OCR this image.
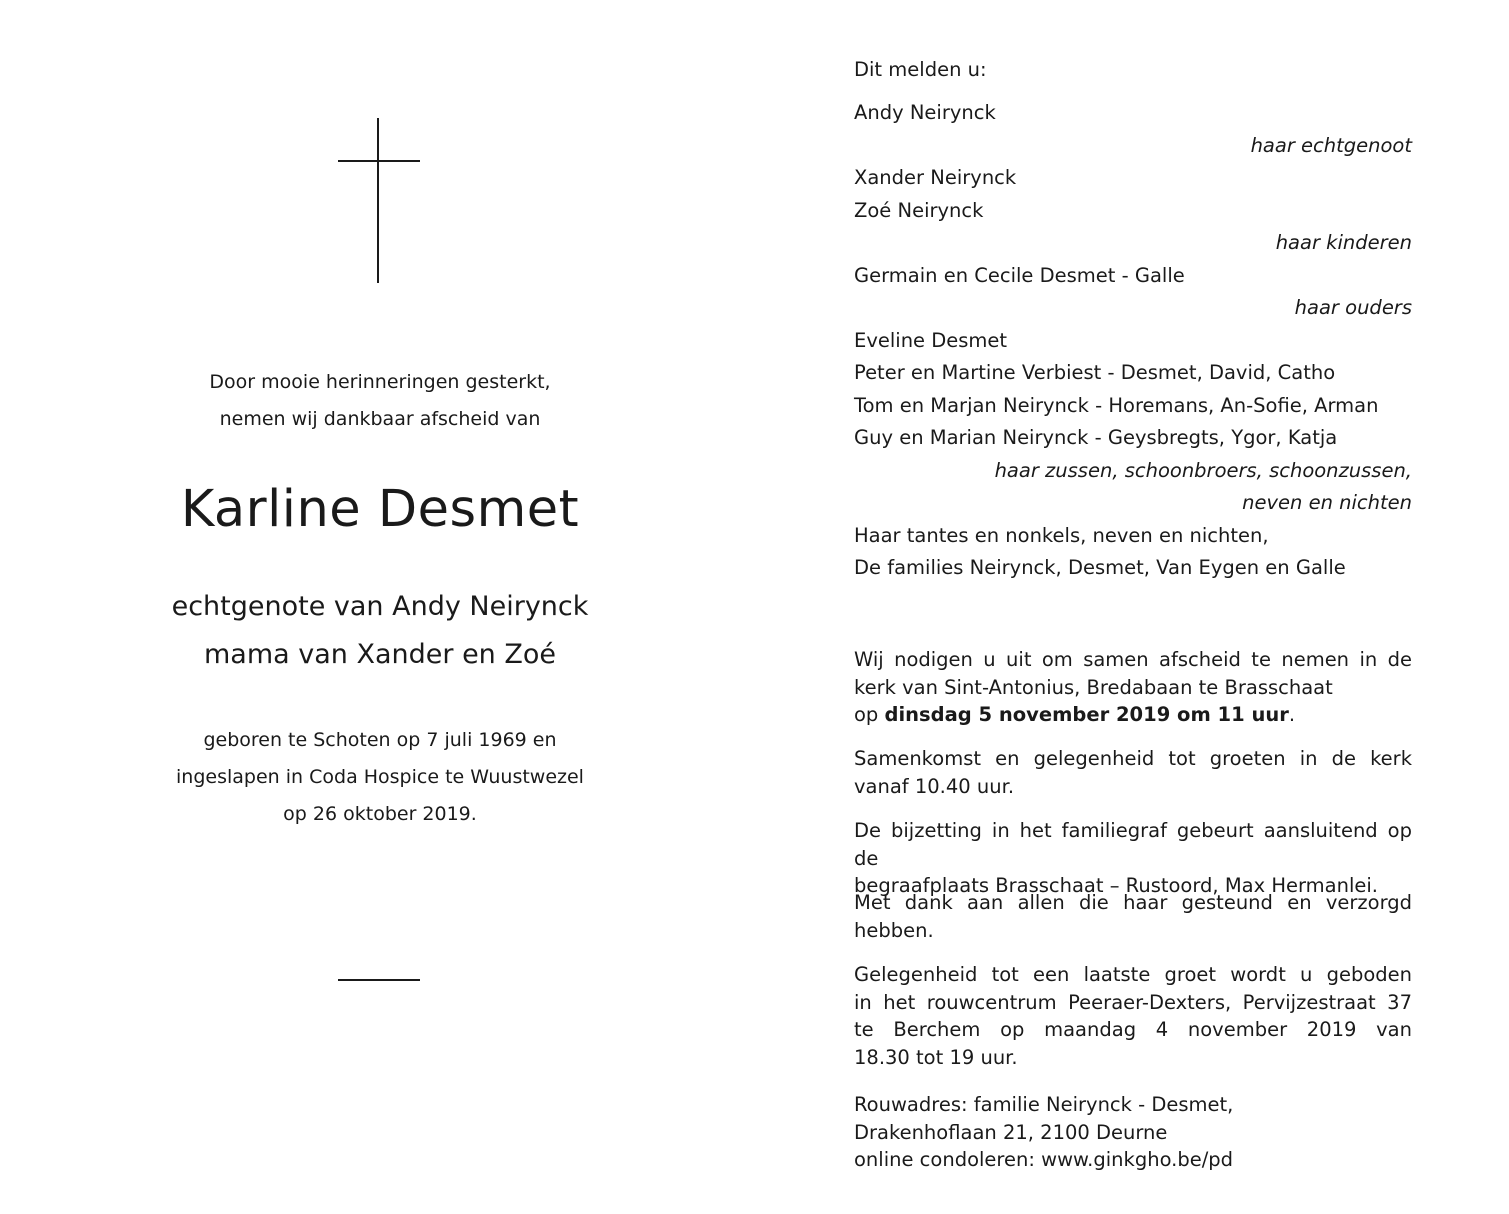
Door mooie herinneringen gesterkt,
nemen wij dankbaar afscheid van
Karline Desmet
echtgenote van Andy Neirynck
mama van Xander en Zoé
geboren te Schoten op 7 juli 1969 en
ingeslapen in Coda Hospice te Wuustwezel
op 26 oktober 2019.
Dit melden u:
Andy Neirynck
haar echtgenoot
Xander Neirynck
Zoé Neirynck
haar kinderen
Germain en Cecile Desmet - Galle
haar ouders
Eveline Desmet
Peter en Martine Verbiest - Desmet, David, Catho
Tom en Marjan Neirynck - Horemans, An-Sofie, Arman
Guy en Marian Neirynck - Geysbregts, Ygor, Katja
haar zussen, schoonbroers, schoonzussen,
neven en nichten
Haar tantes en nonkels, neven en nichten,
De families Neirynck, Desmet, Van Eygen en Galle
Wij nodigen u uit om samen afscheid te nemen in de
kerk van Sint-Antonius, Bredabaan te Brasschaat
op dinsdag 5 november 2019 om 11 uur.
Samenkomst en gelegenheid tot groeten in de kerk
vanaf 10.40 uur.
De bijzetting in het familiegraf gebeurt aansluitend op de
begraafplaats Brasschaat – Rustoord, Max Hermanlei.
Met dank aan allen die haar gesteund en verzorgd
hebben.
Gelegenheid tot een laatste groet wordt u geboden
in het rouwcentrum Peeraer-Dexters, Pervijzestraat 37
te Berchem op maandag 4 november 2019 van
18.30 tot 19 uur.
Rouwadres: familie Neirynck - Desmet,
Drakenhoflaan 21, 2100 Deurne
online condoleren: www.ginkgho.be/pd
